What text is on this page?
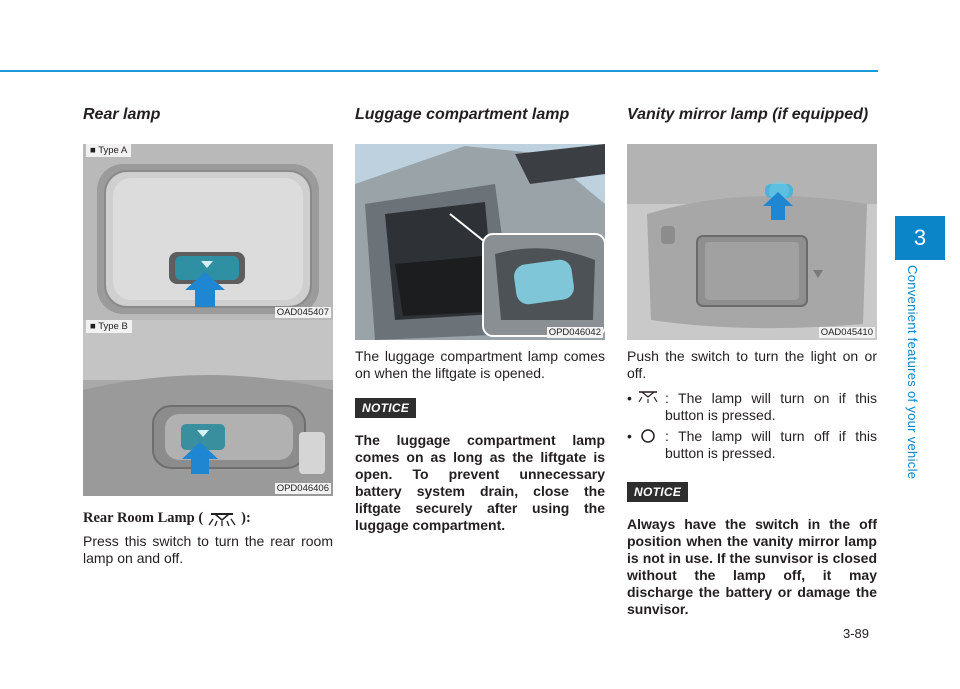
3
Convenient features of your vehicle
3-89
Rear lamp
■ Type A
OAD045407
■ Type B
OPD046406
Rear Room Lamp (	):

Press this switch to turn the rear room lamp on and off.

Luggage compartment lamp
OPD046042

The luggage compartment lamp comes on when the liftgate is opened.

NOTICE

The luggage compartment lamp comes on as long as the liftgate is open. To prevent unnecessary battery system drain, close the liftgate securely after using the luggage compartment.

Vanity mirror lamp (if equipped)
OAD045410

Push the switch to turn the light on or off.

• : The lamp will turn on if this button is pressed.
• : The lamp will turn off if this button is pressed.
NOTICE

Always have the switch in the off position when the vanity mirror lamp is not in use. If the sunvisor is closed without the lamp off, it may discharge the battery or damage the sunvisor.
